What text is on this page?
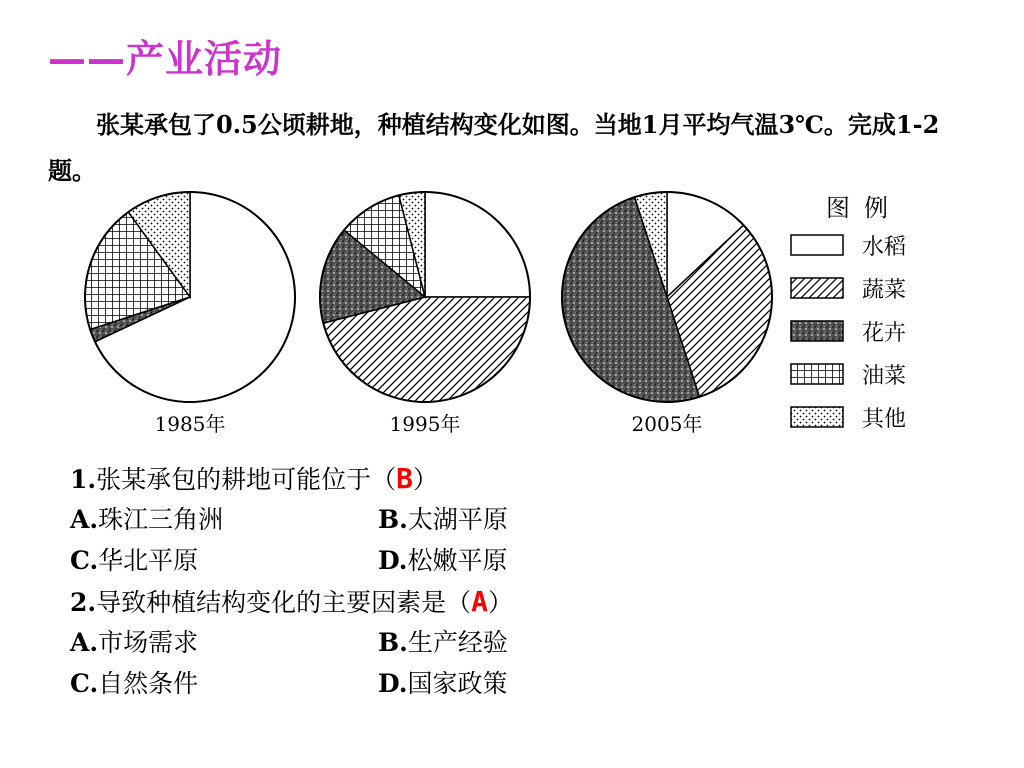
——产业活动
张某承包了0.5公顷耕地，种植结构变化如图。当地1月平均气温3℃。完成1-2题。
1985年	1995年	2005年
图例
水稻
蔬菜
花卉
油菜
其他
1.张某承包的耕地可能位于（B）
A.珠江三角洲	B.太湖平原
C.华北平原	D.松嫩平原
2.导致种植结构变化的主要因素是（A）
A.市场需求	B.生产经验
C.自然条件	D.国家政策
